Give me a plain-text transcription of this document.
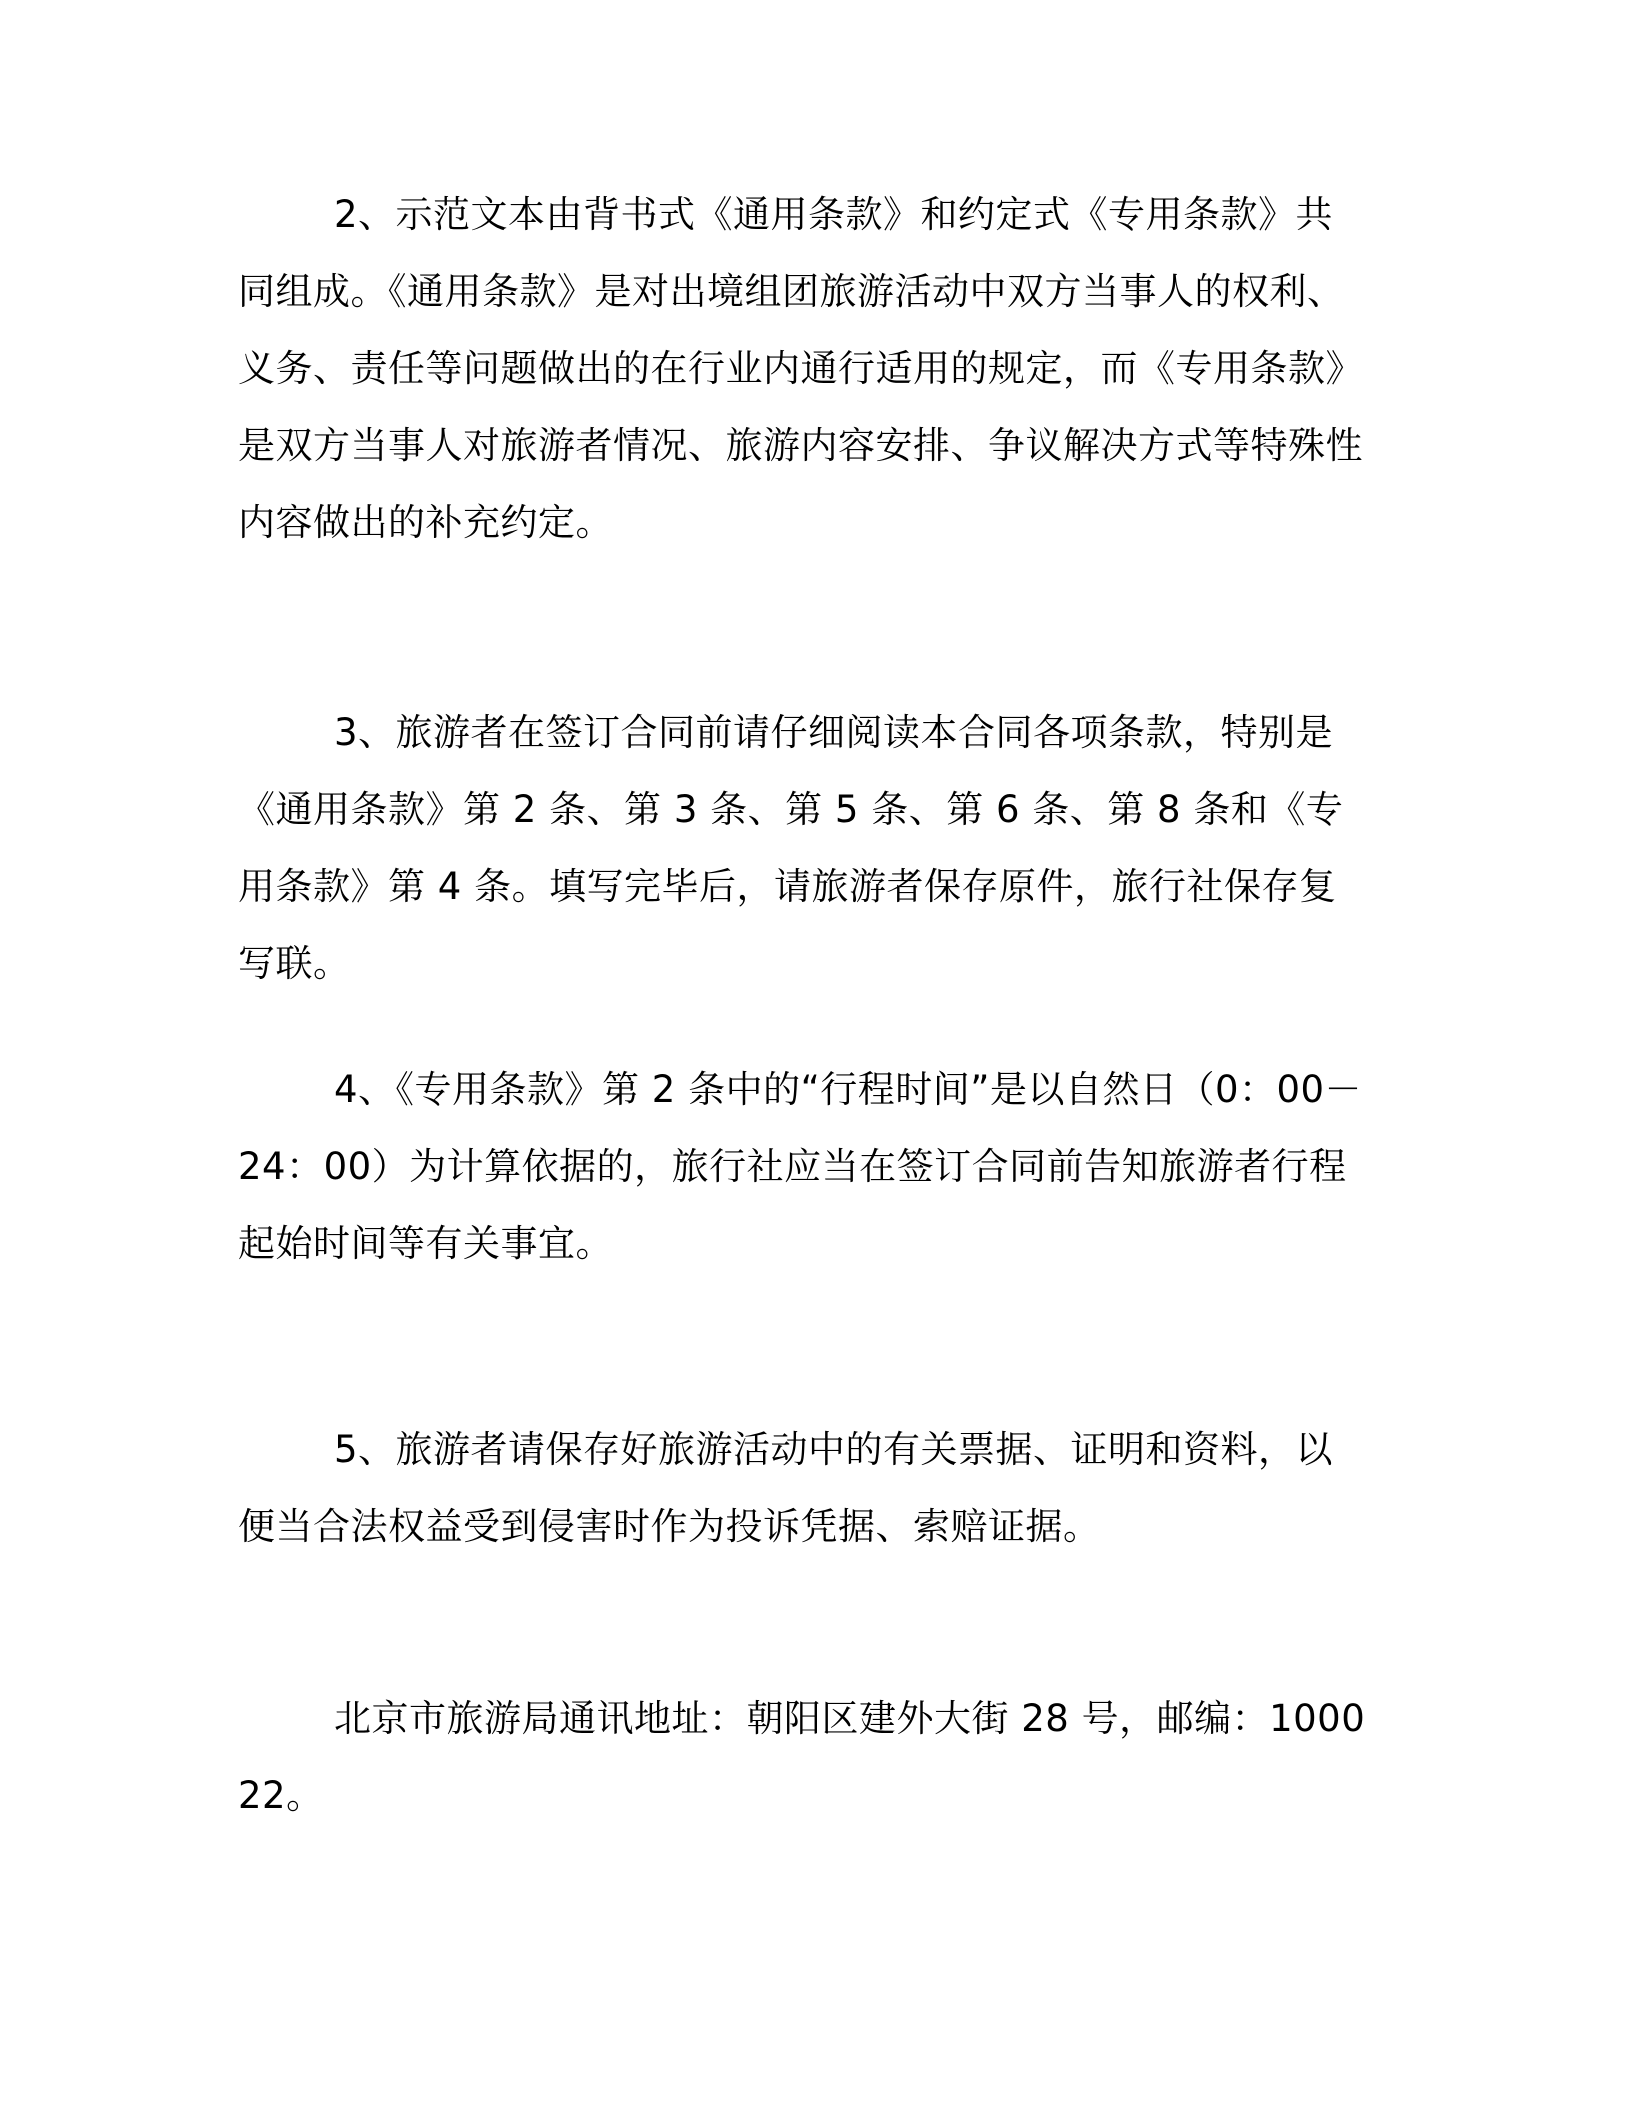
2、示范文本由背书式《通用条款》和约定式《专用条款》共同组成。《通用条款》是对出境组团旅游活动中双方当事人的权利、义务、责任等问题做出的在行业内通行适用的规定，而《专用条款》是双方当事人对旅游者情况、旅游内容安排、争议解决方式等特殊性内容做出的补充约定。

3、旅游者在签订合同前请仔细阅读本合同各项条款，特别是《通用条款》第 2 条、第 3 条、第 5 条、第 6 条、第 8 条和《专用条款》第 4 条。填写完毕后，请旅游者保存原件，旅行社保存复写联。

4、《专用条款》第 2 条中的“行程时间”是以自然日（0：00－24：00）为计算依据的，旅行社应当在签订合同前告知旅游者行程起始时间等有关事宜。

5、旅游者请保存好旅游活动中的有关票据、证明和资料，以便当合法权益受到侵害时作为投诉凭据、索赔证据。

北京市旅游局通讯地址：朝阳区建外大街 28 号，邮编：100022。
